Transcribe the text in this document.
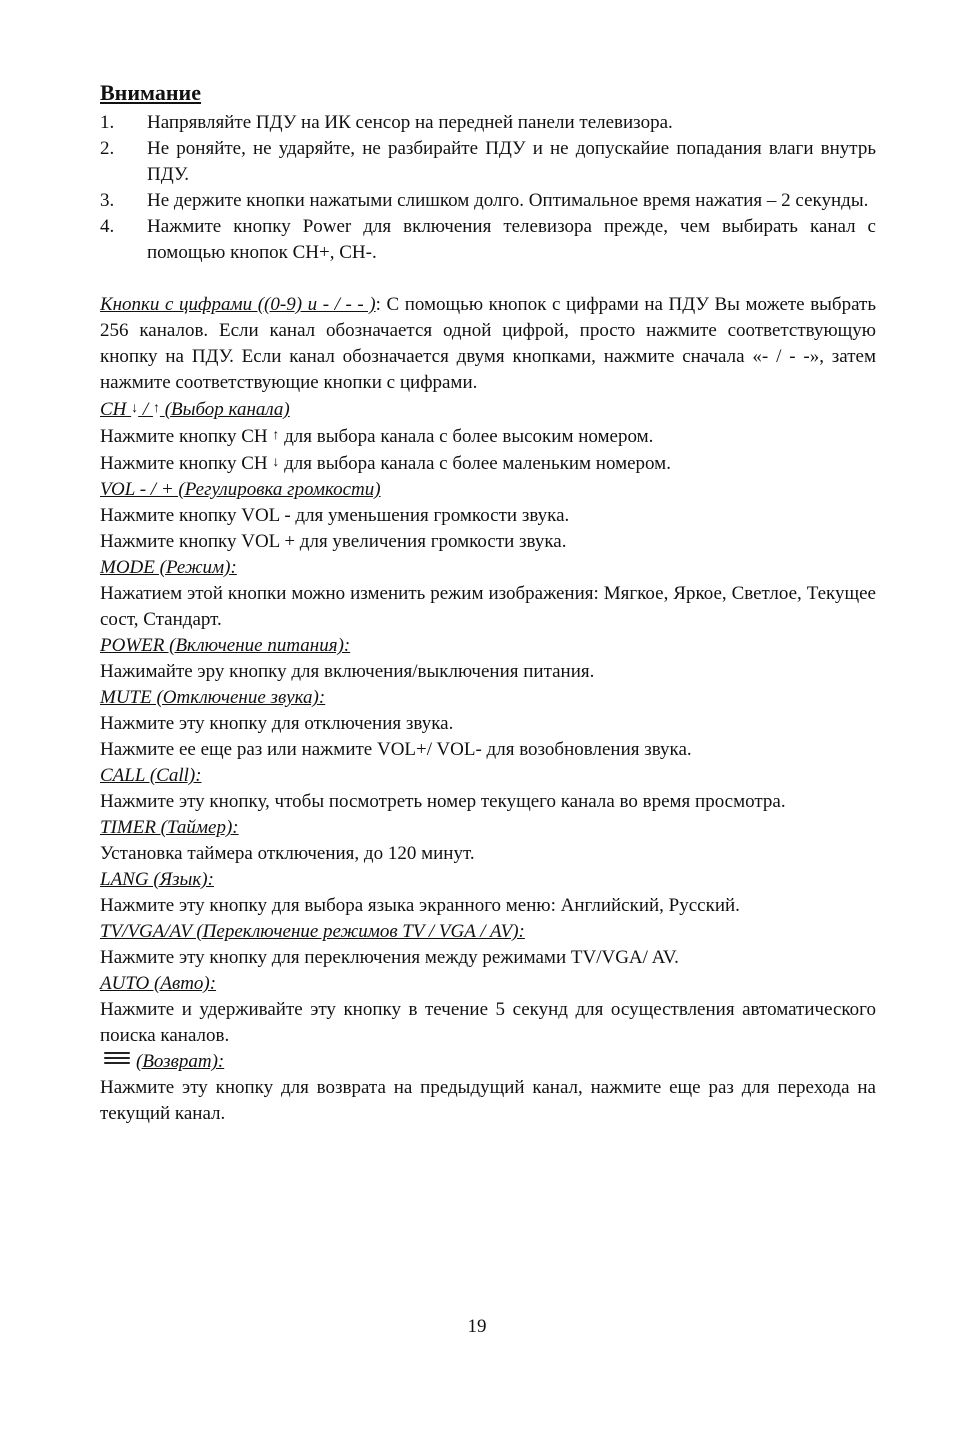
Внимание
1.	Напрявляйте ПДУ на ИК сенсор на передней панели телевизора.
2.	Не роняйте, не ударяйте, не разбирайте ПДУ и не допускайие попадания влаги внутрь ПДУ.
3.	Не держите кнопки нажатыми слишком долго. Оптимальное время нажатия – 2 секунды.
4.	Нажмите кнопку Power для включения телевизора прежде, чем выбирать канал с помощью кнопок CH+, CH-.

Кнопки с цифрами ((0-9) и - / - - ): С помощью кнопок с цифрами на ПДУ Вы можете выбрать 256 каналов. Если канал обозначается одной цифрой, просто нажмите соответствующую кнопку на ПДУ. Если канал обозначается двумя кнопками, нажмите сначала «- / - -», затем нажмите соответствующие кнопки с цифрами.

CH ↓ / ↑ (Выбор канала)

Нажмите кнопку CH ↑ для выбора канала с более высоким номером.

Нажмите кнопку CH ↓ для выбора канала с более маленьким номером.

VOL - / + (Регулировка громкости)

Нажмите кнопку VOL - для уменьшения громкости звука.

Нажмите кнопку VOL + для увеличения громкости звука.

MODE (Режим):

Нажатием этой кнопки можно изменить режим изображения: Мягкое, Яркое, Светлое, Текущее сост, Стандарт.

POWER (Включение питания):

Нажимайте эру кнопку для включения/выключения питания.

MUTE (Отключение звука):

Нажмите эту кнопку для отключения звука.

Нажмите ее еще раз или нажмите VOL+/ VOL- для возобновления звука.

CALL (Call):

Нажмите эту кнопку, чтобы посмотреть номер текущего канала во время просмотра.

TIMER (Таймер):

Установка таймера отключения, до 120 минут.

LANG (Язык):

Нажмите эту кнопку для выбора языка экранного меню: Английский, Русский.

TV/VGA/AV (Переключение режимов TV / VGA / AV):

Нажмите эту кнопку для переключения между режимами TV/VGA/ AV.

AUTO (Авто):

Нажмите и удерживайте эту кнопку в течение 5 секунд для осуществления автоматического поиска каналов.

(Возврат):

Нажмите эту кнопку для возврата на предыдущий канал, нажмите еще раз для перехода на текущий канал.

19
